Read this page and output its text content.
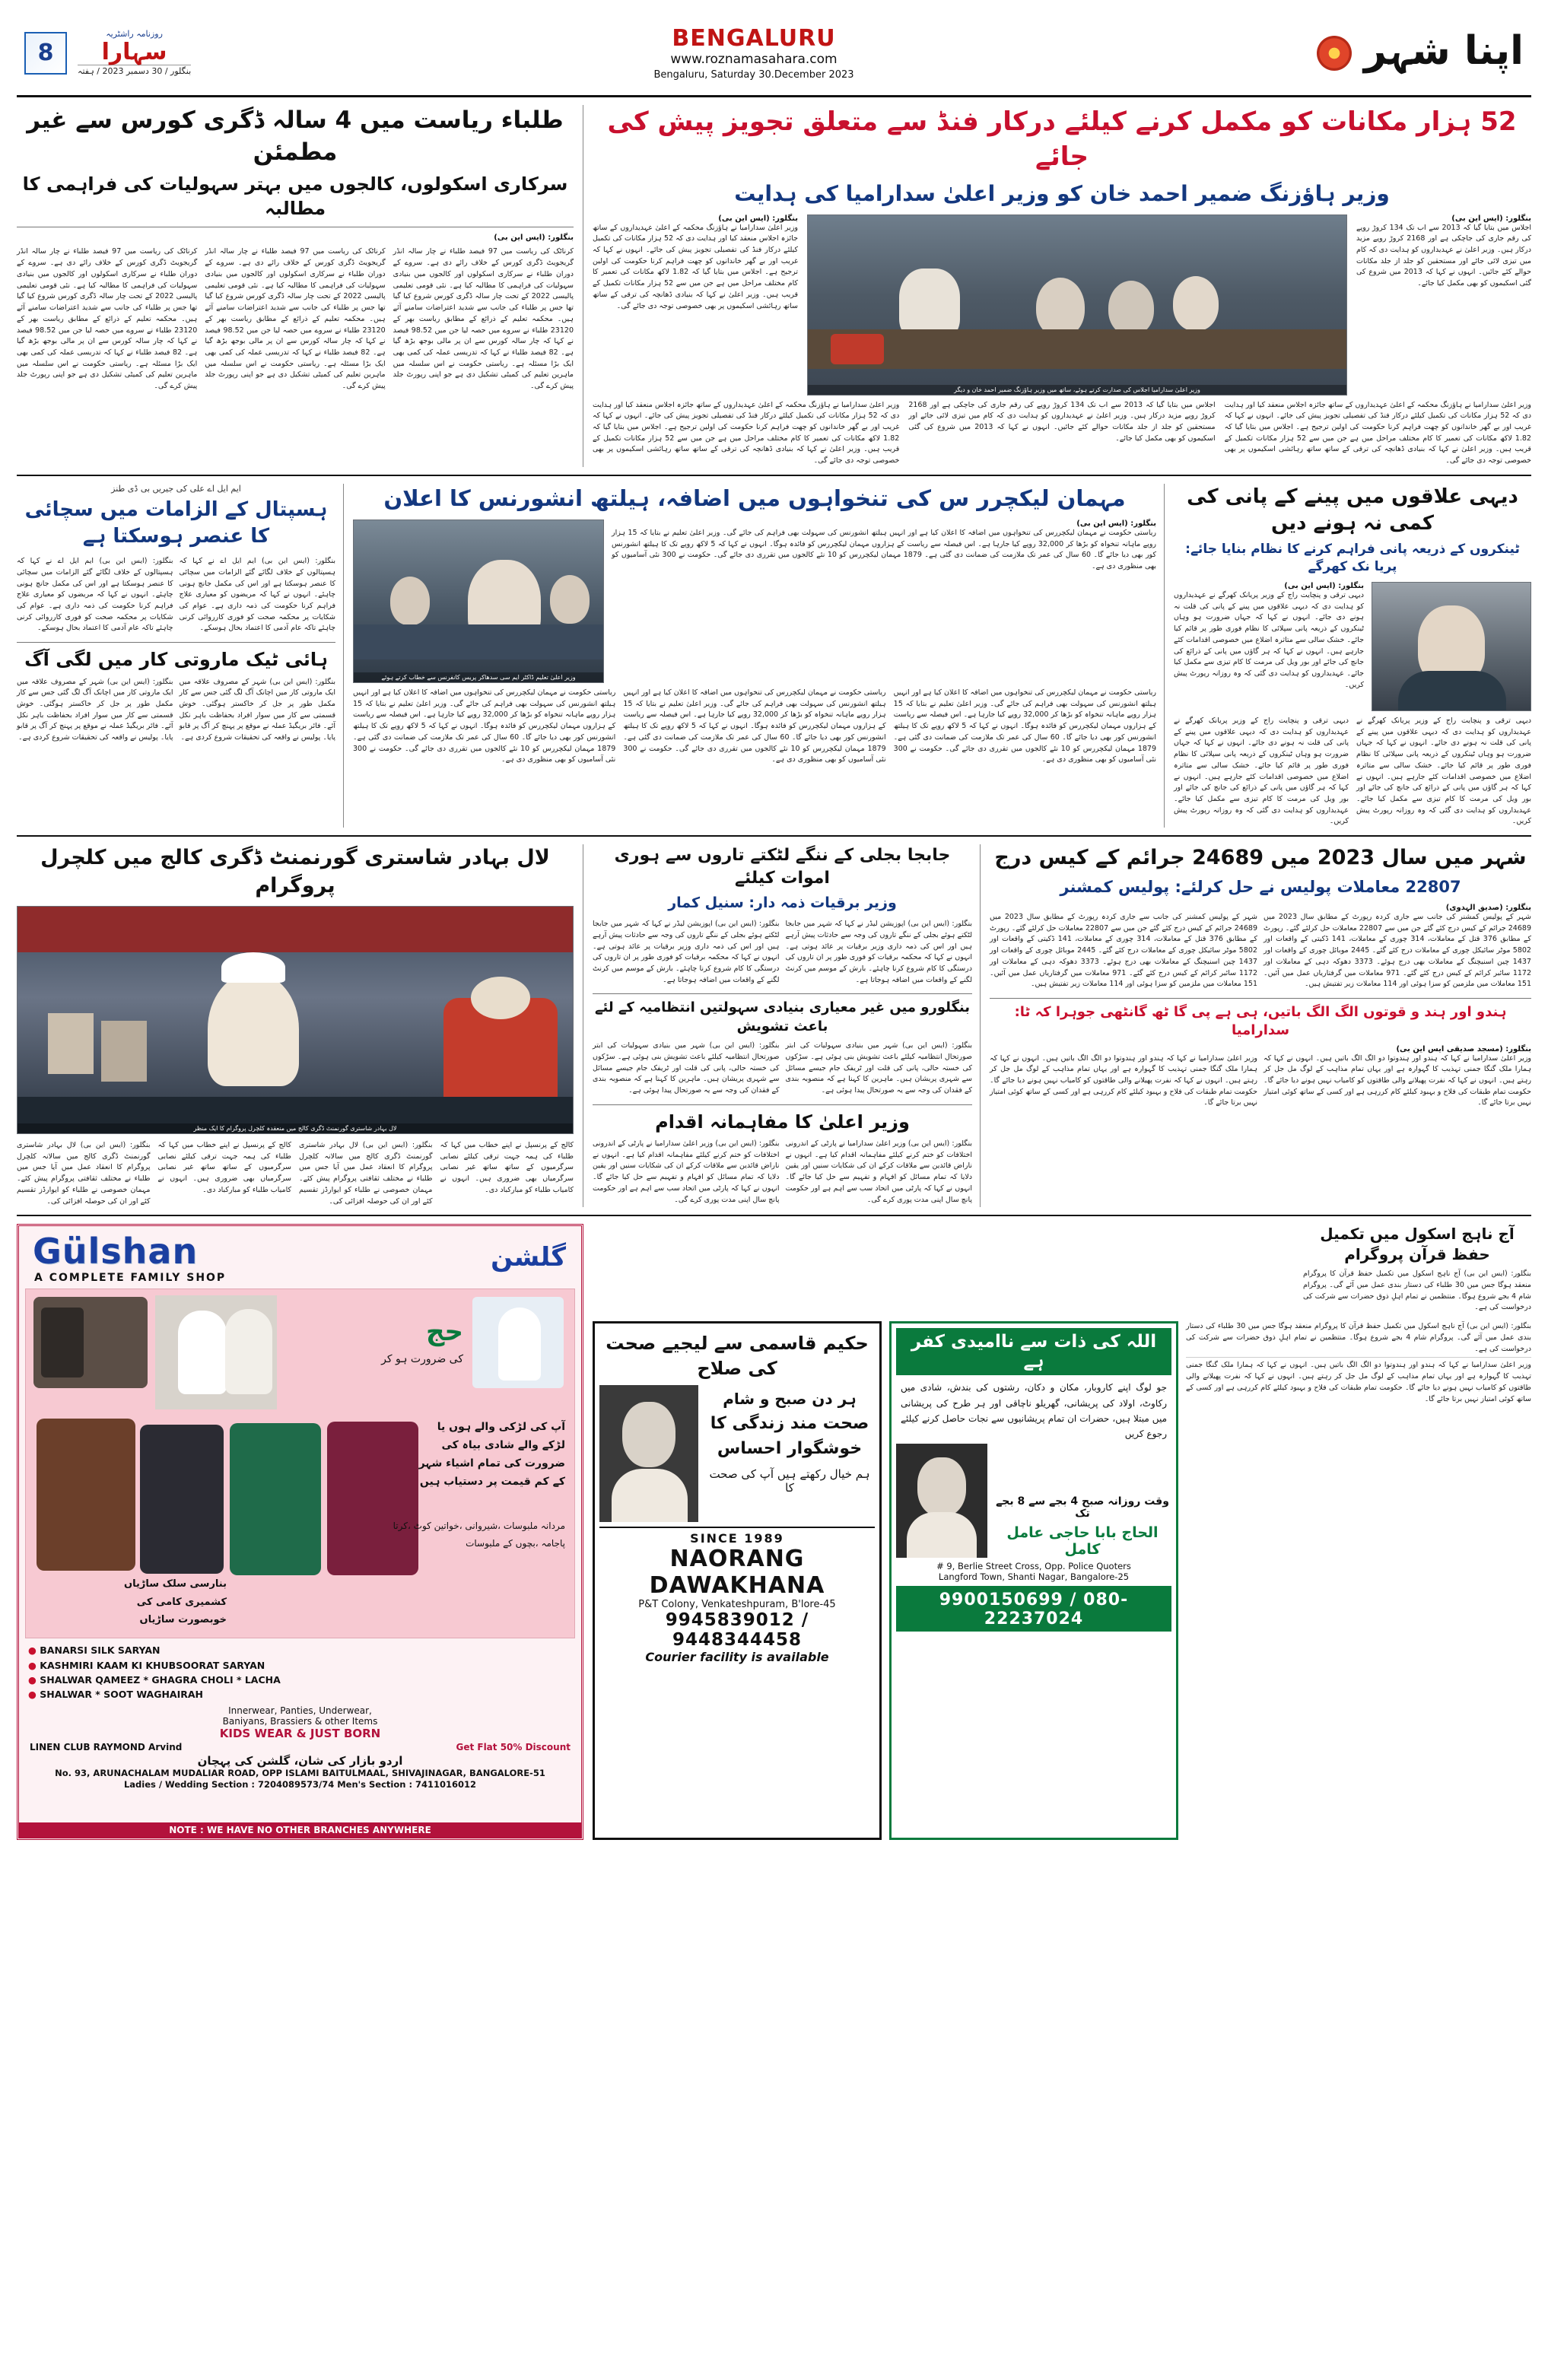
8
روزنامہ راشٹریہ
سہارا
بنگلور / 30 دسمبر 2023 / ہفتہ
BENGALURU
www.roznamasahara.com
Bengaluru, Saturday 30.December 2023
اپنا شہر
طلباء ریاست میں 4 سالہ ڈگری کورس سے غیر مطمئن
سرکاری اسکولوں، کالجوں میں بہتر سہولیات کی فراہمی کا مطالبہ
بنگلور: (ایس این بی)
کرناٹک کی ریاست میں 97 فیصد طلباء نے چار سالہ انڈر گریجویٹ ڈگری کورس کے خلاف رائے دی ہے۔ سروے کے دوران طلباء نے سرکاری اسکولوں اور کالجوں میں بنیادی سہولیات کی فراہمی کا مطالبہ کیا ہے۔ نئی قومی تعلیمی پالیسی 2022 کے تحت چار سالہ ڈگری کورس شروع کیا گیا تھا جس پر طلباء کی جانب سے شدید اعتراضات سامنے آئے ہیں۔ محکمہ تعلیم کے ذرائع کے مطابق ریاست بھر کے 23120 طلباء نے سروے میں حصہ لیا جن میں 98.52 فیصد نے کہا کہ چار سالہ کورس سے ان پر مالی بوجھ بڑھ گیا ہے۔ 82 فیصد طلباء نے کہا کہ تدریسی عملہ کی کمی بھی ایک بڑا مسئلہ ہے۔ ریاستی حکومت نے اس سلسلہ میں ماہرین تعلیم کی کمیٹی تشکیل دی ہے جو اپنی رپورٹ جلد پیش کرے گی۔
کرناٹک کی ریاست میں 97 فیصد طلباء نے چار سالہ انڈر گریجویٹ ڈگری کورس کے خلاف رائے دی ہے۔ سروے کے دوران طلباء نے سرکاری اسکولوں اور کالجوں میں بنیادی سہولیات کی فراہمی کا مطالبہ کیا ہے۔ نئی قومی تعلیمی پالیسی 2022 کے تحت چار سالہ ڈگری کورس شروع کیا گیا تھا جس پر طلباء کی جانب سے شدید اعتراضات سامنے آئے ہیں۔ محکمہ تعلیم کے ذرائع کے مطابق ریاست بھر کے 23120 طلباء نے سروے میں حصہ لیا جن میں 98.52 فیصد نے کہا کہ چار سالہ کورس سے ان پر مالی بوجھ بڑھ گیا ہے۔ 82 فیصد طلباء نے کہا کہ تدریسی عملہ کی کمی بھی ایک بڑا مسئلہ ہے۔ ریاستی حکومت نے اس سلسلہ میں ماہرین تعلیم کی کمیٹی تشکیل دی ہے جو اپنی رپورٹ جلد پیش کرے گی۔
کرناٹک کی ریاست میں 97 فیصد طلباء نے چار سالہ انڈر گریجویٹ ڈگری کورس کے خلاف رائے دی ہے۔ سروے کے دوران طلباء نے سرکاری اسکولوں اور کالجوں میں بنیادی سہولیات کی فراہمی کا مطالبہ کیا ہے۔ نئی قومی تعلیمی پالیسی 2022 کے تحت چار سالہ ڈگری کورس شروع کیا گیا تھا جس پر طلباء کی جانب سے شدید اعتراضات سامنے آئے ہیں۔ محکمہ تعلیم کے ذرائع کے مطابق ریاست بھر کے 23120 طلباء نے سروے میں حصہ لیا جن میں 98.52 فیصد نے کہا کہ چار سالہ کورس سے ان پر مالی بوجھ بڑھ گیا ہے۔ 82 فیصد طلباء نے کہا کہ تدریسی عملہ کی کمی بھی ایک بڑا مسئلہ ہے۔ ریاستی حکومت نے اس سلسلہ میں ماہرین تعلیم کی کمیٹی تشکیل دی ہے جو اپنی رپورٹ جلد پیش کرے گی۔
52 ہزار مکانات کو مکمل کرنے کیلئے درکار فنڈ سے متعلق تجویز پیش کی جائے
وزیر ہاؤزنگ ضمیر احمد خان کو وزیر اعلیٰ سدارامیا کی ہدایت
بنگلور: (ایس این بی)
وزیر اعلیٰ سدارامیا نے ہاؤزنگ محکمہ کے اعلیٰ عہدیداروں کے ساتھ جائزہ اجلاس منعقد کیا اور ہدایت دی کہ 52 ہزار مکانات کی تکمیل کیلئے درکار فنڈ کی تفصیلی تجویز پیش کی جائے۔ انہوں نے کہا کہ غریب اور بے گھر خاندانوں کو چھت فراہم کرنا حکومت کی اولین ترجیح ہے۔ اجلاس میں بتایا گیا کہ 1.82 لاکھ مکانات کی تعمیر کا کام مختلف مراحل میں ہے جن میں سے 52 ہزار مکانات تکمیل کے قریب ہیں۔ وزیر اعلیٰ نے کہا کہ بنیادی ڈھانچہ کی ترقی کے ساتھ ساتھ رہائشی اسکیموں پر بھی خصوصی توجہ دی جائے گی۔
وزیر اعلیٰ سدارامیا اجلاس کی صدارت کرتے ہوئے، ساتھ میں وزیر ہاؤزنگ ضمیر احمد خان و دیگر
بنگلور: (ایس این بی)
اجلاس میں بتایا گیا کہ 2013 سے اب تک 134 کروڑ روپے کی رقم جاری کی جاچکی ہے اور 2168 کروڑ روپے مزید درکار ہیں۔ وزیر اعلیٰ نے عہدیداروں کو ہدایت دی کہ کام میں تیزی لائی جائے اور مستحقین کو جلد از جلد مکانات حوالے کئے جائیں۔ انہوں نے کہا کہ 2013 میں شروع کی گئی اسکیموں کو بھی مکمل کیا جائے۔
وزیر اعلیٰ سدارامیا نے ہاؤزنگ محکمہ کے اعلیٰ عہدیداروں کے ساتھ جائزہ اجلاس منعقد کیا اور ہدایت دی کہ 52 ہزار مکانات کی تکمیل کیلئے درکار فنڈ کی تفصیلی تجویز پیش کی جائے۔ انہوں نے کہا کہ غریب اور بے گھر خاندانوں کو چھت فراہم کرنا حکومت کی اولین ترجیح ہے۔ اجلاس میں بتایا گیا کہ 1.82 لاکھ مکانات کی تعمیر کا کام مختلف مراحل میں ہے جن میں سے 52 ہزار مکانات تکمیل کے قریب ہیں۔ وزیر اعلیٰ نے کہا کہ بنیادی ڈھانچہ کی ترقی کے ساتھ ساتھ رہائشی اسکیموں پر بھی خصوصی توجہ دی جائے گی۔
اجلاس میں بتایا گیا کہ 2013 سے اب تک 134 کروڑ روپے کی رقم جاری کی جاچکی ہے اور 2168 کروڑ روپے مزید درکار ہیں۔ وزیر اعلیٰ نے عہدیداروں کو ہدایت دی کہ کام میں تیزی لائی جائے اور مستحقین کو جلد از جلد مکانات حوالے کئے جائیں۔ انہوں نے کہا کہ 2013 میں شروع کی گئی اسکیموں کو بھی مکمل کیا جائے۔
وزیر اعلیٰ سدارامیا نے ہاؤزنگ محکمہ کے اعلیٰ عہدیداروں کے ساتھ جائزہ اجلاس منعقد کیا اور ہدایت دی کہ 52 ہزار مکانات کی تکمیل کیلئے درکار فنڈ کی تفصیلی تجویز پیش کی جائے۔ انہوں نے کہا کہ غریب اور بے گھر خاندانوں کو چھت فراہم کرنا حکومت کی اولین ترجیح ہے۔ اجلاس میں بتایا گیا کہ 1.82 لاکھ مکانات کی تعمیر کا کام مختلف مراحل میں ہے جن میں سے 52 ہزار مکانات تکمیل کے قریب ہیں۔ وزیر اعلیٰ نے کہا کہ بنیادی ڈھانچہ کی ترقی کے ساتھ ساتھ رہائشی اسکیموں پر بھی خصوصی توجہ دی جائے گی۔
ایم ایل اے علی کی جیریں بی ڈی طنز
ہسپتال کے الزامات میں سچائی کا عنصر ہوسکتا ہے
بنگلور: (ایس این بی) ایم ایل اے نے کہا کہ ہسپتالوں کے خلاف لگائے گئے الزامات میں سچائی کا عنصر ہوسکتا ہے اور اس کی مکمل جانچ ہونی چاہئے۔ انہوں نے کہا کہ مریضوں کو معیاری علاج فراہم کرنا حکومت کی ذمہ داری ہے۔ عوام کی شکایات پر محکمہ صحت کو فوری کارروائی کرنی چاہئے تاکہ عام آدمی کا اعتماد بحال ہوسکے۔
بنگلور: (ایس این بی) ایم ایل اے نے کہا کہ ہسپتالوں کے خلاف لگائے گئے الزامات میں سچائی کا عنصر ہوسکتا ہے اور اس کی مکمل جانچ ہونی چاہئے۔ انہوں نے کہا کہ مریضوں کو معیاری علاج فراہم کرنا حکومت کی ذمہ داری ہے۔ عوام کی شکایات پر محکمہ صحت کو فوری کارروائی کرنی چاہئے تاکہ عام آدمی کا اعتماد بحال ہوسکے۔
ہائی ٹیک ماروتی کار میں لگی آگ
بنگلور: (ایس این بی) شہر کے مصروف علاقہ میں ایک ماروتی کار میں اچانک آگ لگ گئی جس سے کار مکمل طور پر جل کر خاکستر ہوگئی۔ خوش قسمتی سے کار میں سوار افراد بحفاظت باہر نکل آئے۔ فائر بریگیڈ عملہ نے موقع پر پہنچ کر آگ پر قابو پایا۔ پولیس نے واقعہ کی تحقیقات شروع کردی ہے۔
بنگلور: (ایس این بی) شہر کے مصروف علاقہ میں ایک ماروتی کار میں اچانک آگ لگ گئی جس سے کار مکمل طور پر جل کر خاکستر ہوگئی۔ خوش قسمتی سے کار میں سوار افراد بحفاظت باہر نکل آئے۔ فائر بریگیڈ عملہ نے موقع پر پہنچ کر آگ پر قابو پایا۔ پولیس نے واقعہ کی تحقیقات شروع کردی ہے۔
مہمان لیکچرر س کی تنخواہوں میں اضافہ، ہیلتھ انشورنس کا اعلان
وزیر اعلیٰ تعلیم ڈاکٹر ایم سی سدھاکر پریس کانفرنس سے خطاب کرتے ہوئے
بنگلور: (ایس این بی)
ریاستی حکومت نے مہمان لیکچررس کی تنخواہوں میں اضافہ کا اعلان کیا ہے اور انہیں ہیلتھ انشورنس کی سہولت بھی فراہم کی جائے گی۔ وزیر اعلیٰ تعلیم نے بتایا کہ 15 ہزار روپے ماہانہ تنخواہ کو بڑھا کر 32,000 روپے کیا جارہا ہے۔ اس فیصلہ سے ریاست کے ہزاروں مہمان لیکچررس کو فائدہ ہوگا۔ انہوں نے کہا کہ 5 لاکھ روپے تک کا ہیلتھ انشورنس کور بھی دیا جائے گا۔ 60 سال کی عمر تک ملازمت کی ضمانت دی گئی ہے۔ 1879 مہمان لیکچررس کو 10 نئے کالجوں میں تقرری دی جائے گی۔ حکومت نے 300 نئی آسامیوں کو بھی منظوری دی ہے۔
ریاستی حکومت نے مہمان لیکچررس کی تنخواہوں میں اضافہ کا اعلان کیا ہے اور انہیں ہیلتھ انشورنس کی سہولت بھی فراہم کی جائے گی۔ وزیر اعلیٰ تعلیم نے بتایا کہ 15 ہزار روپے ماہانہ تنخواہ کو بڑھا کر 32,000 روپے کیا جارہا ہے۔ اس فیصلہ سے ریاست کے ہزاروں مہمان لیکچررس کو فائدہ ہوگا۔ انہوں نے کہا کہ 5 لاکھ روپے تک کا ہیلتھ انشورنس کور بھی دیا جائے گا۔ 60 سال کی عمر تک ملازمت کی ضمانت دی گئی ہے۔ 1879 مہمان لیکچررس کو 10 نئے کالجوں میں تقرری دی جائے گی۔ حکومت نے 300 نئی آسامیوں کو بھی منظوری دی ہے۔
ریاستی حکومت نے مہمان لیکچررس کی تنخواہوں میں اضافہ کا اعلان کیا ہے اور انہیں ہیلتھ انشورنس کی سہولت بھی فراہم کی جائے گی۔ وزیر اعلیٰ تعلیم نے بتایا کہ 15 ہزار روپے ماہانہ تنخواہ کو بڑھا کر 32,000 روپے کیا جارہا ہے۔ اس فیصلہ سے ریاست کے ہزاروں مہمان لیکچررس کو فائدہ ہوگا۔ انہوں نے کہا کہ 5 لاکھ روپے تک کا ہیلتھ انشورنس کور بھی دیا جائے گا۔ 60 سال کی عمر تک ملازمت کی ضمانت دی گئی ہے۔ 1879 مہمان لیکچررس کو 10 نئے کالجوں میں تقرری دی جائے گی۔ حکومت نے 300 نئی آسامیوں کو بھی منظوری دی ہے۔
ریاستی حکومت نے مہمان لیکچررس کی تنخواہوں میں اضافہ کا اعلان کیا ہے اور انہیں ہیلتھ انشورنس کی سہولت بھی فراہم کی جائے گی۔ وزیر اعلیٰ تعلیم نے بتایا کہ 15 ہزار روپے ماہانہ تنخواہ کو بڑھا کر 32,000 روپے کیا جارہا ہے۔ اس فیصلہ سے ریاست کے ہزاروں مہمان لیکچررس کو فائدہ ہوگا۔ انہوں نے کہا کہ 5 لاکھ روپے تک کا ہیلتھ انشورنس کور بھی دیا جائے گا۔ 60 سال کی عمر تک ملازمت کی ضمانت دی گئی ہے۔ 1879 مہمان لیکچررس کو 10 نئے کالجوں میں تقرری دی جائے گی۔ حکومت نے 300 نئی آسامیوں کو بھی منظوری دی ہے۔
دیہی علاقوں میں پینے کے پانی کی کمی نہ ہونے دیں
ٹینکروں کے ذریعہ پانی فراہم کرنے کا نظام بنایا جائے: پریا نک کھرگے
بنگلور: (ایس این بی)
دیہی ترقی و پنچایت راج کے وزیر پریانک کھرگے نے عہدیداروں کو ہدایت دی کہ دیہی علاقوں میں پینے کے پانی کی قلت نہ ہونے دی جائے۔ انہوں نے کہا کہ جہاں ضرورت ہو وہاں ٹینکروں کے ذریعہ پانی سپلائی کا نظام فوری طور پر قائم کیا جائے۔ خشک سالی سے متاثرہ اضلاع میں خصوصی اقدامات کئے جارہے ہیں۔ انہوں نے کہا کہ ہر گاؤں میں پانی کے ذرائع کی جانچ کی جائے اور بور ویل کی مرمت کا کام تیزی سے مکمل کیا جائے۔ عہدیداروں کو ہدایت دی گئی کہ وہ روزانہ رپورٹ پیش کریں۔
دیہی ترقی و پنچایت راج کے وزیر پریانک کھرگے نے عہدیداروں کو ہدایت دی کہ دیہی علاقوں میں پینے کے پانی کی قلت نہ ہونے دی جائے۔ انہوں نے کہا کہ جہاں ضرورت ہو وہاں ٹینکروں کے ذریعہ پانی سپلائی کا نظام فوری طور پر قائم کیا جائے۔ خشک سالی سے متاثرہ اضلاع میں خصوصی اقدامات کئے جارہے ہیں۔ انہوں نے کہا کہ ہر گاؤں میں پانی کے ذرائع کی جانچ کی جائے اور بور ویل کی مرمت کا کام تیزی سے مکمل کیا جائے۔ عہدیداروں کو ہدایت دی گئی کہ وہ روزانہ رپورٹ پیش کریں۔
دیہی ترقی و پنچایت راج کے وزیر پریانک کھرگے نے عہدیداروں کو ہدایت دی کہ دیہی علاقوں میں پینے کے پانی کی قلت نہ ہونے دی جائے۔ انہوں نے کہا کہ جہاں ضرورت ہو وہاں ٹینکروں کے ذریعہ پانی سپلائی کا نظام فوری طور پر قائم کیا جائے۔ خشک سالی سے متاثرہ اضلاع میں خصوصی اقدامات کئے جارہے ہیں۔ انہوں نے کہا کہ ہر گاؤں میں پانی کے ذرائع کی جانچ کی جائے اور بور ویل کی مرمت کا کام تیزی سے مکمل کیا جائے۔ عہدیداروں کو ہدایت دی گئی کہ وہ روزانہ رپورٹ پیش کریں۔
لال بہادر شاستری گورنمنٹ ڈگری کالج میں کلچرل پروگرام
لال بہادر شاستری گورنمنٹ ڈگری کالج میں منعقدہ کلچرل پروگرام کا ایک منظر
بنگلور: (ایس این بی) لال بہادر شاستری گورنمنٹ ڈگری کالج میں سالانہ کلچرل پروگرام کا انعقاد عمل میں آیا جس میں طلباء نے مختلف ثقافتی پروگرام پیش کئے۔ مہمان خصوصی نے طلباء کو ایوارڈز تقسیم کئے اور ان کی حوصلہ افزائی کی۔
کالج کے پرنسپل نے اپنے خطاب میں کہا کہ طلباء کی ہمہ جہت ترقی کیلئے نصابی سرگرمیوں کے ساتھ ساتھ غیر نصابی سرگرمیاں بھی ضروری ہیں۔ انہوں نے کامیاب طلباء کو مبارکباد دی۔
بنگلور: (ایس این بی) لال بہادر شاستری گورنمنٹ ڈگری کالج میں سالانہ کلچرل پروگرام کا انعقاد عمل میں آیا جس میں طلباء نے مختلف ثقافتی پروگرام پیش کئے۔ مہمان خصوصی نے طلباء کو ایوارڈز تقسیم کئے اور ان کی حوصلہ افزائی کی۔
کالج کے پرنسپل نے اپنے خطاب میں کہا کہ طلباء کی ہمہ جہت ترقی کیلئے نصابی سرگرمیوں کے ساتھ ساتھ غیر نصابی سرگرمیاں بھی ضروری ہیں۔ انہوں نے کامیاب طلباء کو مبارکباد دی۔
جابجا بجلی کے ننگے لٹکتے تاروں سے ہوری اموات کیلئے
وزیر برقیات ذمہ دار: سنیل کمار
بنگلور: (ایس این بی) اپوزیشن لیڈر نے کہا کہ شہر میں جابجا لٹکتے ہوئے بجلی کے ننگے تاروں کی وجہ سے حادثات پیش آرہے ہیں اور اس کی ذمہ داری وزیر برقیات پر عائد ہوتی ہے۔ انہوں نے کہا کہ محکمہ برقیات کو فوری طور پر ان تاروں کی درستگی کا کام شروع کرنا چاہئے۔ بارش کے موسم میں کرنٹ لگنے کے واقعات میں اضافہ ہوجاتا ہے۔
بنگلور: (ایس این بی) اپوزیشن لیڈر نے کہا کہ شہر میں جابجا لٹکتے ہوئے بجلی کے ننگے تاروں کی وجہ سے حادثات پیش آرہے ہیں اور اس کی ذمہ داری وزیر برقیات پر عائد ہوتی ہے۔ انہوں نے کہا کہ محکمہ برقیات کو فوری طور پر ان تاروں کی درستگی کا کام شروع کرنا چاہئے۔ بارش کے موسم میں کرنٹ لگنے کے واقعات میں اضافہ ہوجاتا ہے۔
بنگلورو میں غیر معیاری بنیادی سہولتیں انتظامیہ کے لئے باعث تشویش
بنگلور: (ایس این بی) شہر میں بنیادی سہولیات کی ابتر صورتحال انتظامیہ کیلئے باعث تشویش بنی ہوئی ہے۔ سڑکوں کی خستہ حالی، پانی کی قلت اور ٹریفک جام جیسے مسائل سے شہری پریشان ہیں۔ ماہرین کا کہنا ہے کہ منصوبہ بندی کے فقدان کی وجہ سے یہ صورتحال پیدا ہوئی ہے۔
بنگلور: (ایس این بی) شہر میں بنیادی سہولیات کی ابتر صورتحال انتظامیہ کیلئے باعث تشویش بنی ہوئی ہے۔ سڑکوں کی خستہ حالی، پانی کی قلت اور ٹریفک جام جیسے مسائل سے شہری پریشان ہیں۔ ماہرین کا کہنا ہے کہ منصوبہ بندی کے فقدان کی وجہ سے یہ صورتحال پیدا ہوئی ہے۔
وزیر اعلیٰ کا مفاہمانہ اقدام
بنگلور: (ایس این بی) وزیر اعلیٰ سدارامیا نے پارٹی کے اندرونی اختلافات کو ختم کرنے کیلئے مفاہمانہ اقدام کیا ہے۔ انہوں نے ناراض قائدین سے ملاقات کرکے ان کی شکایات سنیں اور یقین دلایا کہ تمام مسائل کو افہام و تفہیم سے حل کیا جائے گا۔ انہوں نے کہا کہ پارٹی میں اتحاد سب سے اہم ہے اور حکومت پانچ سال اپنی مدت پوری کرے گی۔
بنگلور: (ایس این بی) وزیر اعلیٰ سدارامیا نے پارٹی کے اندرونی اختلافات کو ختم کرنے کیلئے مفاہمانہ اقدام کیا ہے۔ انہوں نے ناراض قائدین سے ملاقات کرکے ان کی شکایات سنیں اور یقین دلایا کہ تمام مسائل کو افہام و تفہیم سے حل کیا جائے گا۔ انہوں نے کہا کہ پارٹی میں اتحاد سب سے اہم ہے اور حکومت پانچ سال اپنی مدت پوری کرے گی۔
شہر میں سال 2023 میں 24689 جرائم کے کیس درج
22807 معاملات پولیس نے حل کرلئے: پولیس کمشنر
بنگلور: (صدیق الہدوی)
شہر کے پولیس کمشنر کی جانب سے جاری کردہ رپورٹ کے مطابق سال 2023 میں 24689 جرائم کے کیس درج کئے گئے جن میں سے 22807 معاملات حل کرلئے گئے۔ رپورٹ کے مطابق 376 قتل کے معاملات، 314 چوری کے معاملات، 141 ڈکیتی کے واقعات اور 5802 موٹر سائیکل چوری کے معاملات درج کئے گئے۔ 2445 موبائل چوری کے واقعات اور 1437 چین اسنیچنگ کے معاملات بھی درج ہوئے۔ 3373 دھوکہ دہی کے معاملات اور 1172 سائبر کرائم کے کیس درج کئے گئے۔ 971 معاملات میں گرفتاریاں عمل میں آئیں۔ 151 معاملات میں ملزمین کو سزا ہوئی اور 114 معاملات زیر تفتیش ہیں۔
شہر کے پولیس کمشنر کی جانب سے جاری کردہ رپورٹ کے مطابق سال 2023 میں 24689 جرائم کے کیس درج کئے گئے جن میں سے 22807 معاملات حل کرلئے گئے۔ رپورٹ کے مطابق 376 قتل کے معاملات، 314 چوری کے معاملات، 141 ڈکیتی کے واقعات اور 5802 موٹر سائیکل چوری کے معاملات درج کئے گئے۔ 2445 موبائل چوری کے واقعات اور 1437 چین اسنیچنگ کے معاملات بھی درج ہوئے۔ 3373 دھوکہ دہی کے معاملات اور 1172 سائبر کرائم کے کیس درج کئے گئے۔ 971 معاملات میں گرفتاریاں عمل میں آئیں۔ 151 معاملات میں ملزمین کو سزا ہوئی اور 114 معاملات زیر تفتیش ہیں۔
ہندو اور ہند و قوتوں الگ الگ باتیں، ہی ہے پی گا ٹھ گانٹھی جوہرا کہ ٹا: سدارامیا
بنگلور: (مسجد صدیقی ایس این بی)
وزیر اعلیٰ سدارامیا نے کہا کہ ہندو اور ہندوتوا دو الگ الگ باتیں ہیں۔ انہوں نے کہا کہ ہمارا ملک گنگا جمنی تہذیب کا گہوارہ ہے اور یہاں تمام مذاہب کے لوگ مل جل کر رہتے ہیں۔ انہوں نے کہا کہ نفرت پھیلانے والی طاقتوں کو کامیاب نہیں ہونے دیا جائے گا۔ حکومت تمام طبقات کی فلاح و بہبود کیلئے کام کررہی ہے اور کسی کے ساتھ کوئی امتیاز نہیں برتا جائے گا۔
وزیر اعلیٰ سدارامیا نے کہا کہ ہندو اور ہندوتوا دو الگ الگ باتیں ہیں۔ انہوں نے کہا کہ ہمارا ملک گنگا جمنی تہذیب کا گہوارہ ہے اور یہاں تمام مذاہب کے لوگ مل جل کر رہتے ہیں۔ انہوں نے کہا کہ نفرت پھیلانے والی طاقتوں کو کامیاب نہیں ہونے دیا جائے گا۔ حکومت تمام طبقات کی فلاح و بہبود کیلئے کام کررہی ہے اور کسی کے ساتھ کوئی امتیاز نہیں برتا جائے گا۔
Gülshan
A COMPLETE FAMILY SHOP
گلشن
حج
کی ضرورت ہو کر
آپ کی لڑکی والے ہوں یا لڑکے والے شادی بیاہ کی ضرورت کی تمام اشیاء شہر کے کم قیمت پر دستیاب ہیں
مردانہ ملبوسات ،شیروانی ،خواتین کوٹ ،کرتا پاجامہ ،بچوں کے ملبوسات
بنارسی سلک ساڑیاں
کشمیری کامی کی
خوبصورت ساڑیاں
● BANARSI SILK SARYAN
● KASHMIRI KAAM KI KHUBSOORAT SARYAN
● SHALWAR QAMEEZ * GHAGRA CHOLI * LACHA
● SHALWAR * SOOT WAGHAIRAH
Innerwear, Panties, Underwear,
Baniyans, Brassiers & other Items
KIDS WEAR & JUST BORN
LINEN CLUB RAYMOND Arvind	Get Flat 50% Discount
اردو بازار کی شان، گلشن کی پہچان
No. 93, ARUNACHALAM MUDALIAR ROAD, OPP ISLAMI BAITULMAAL, SHIVAJINAGAR, BANGALORE-51
Ladies / Wedding Section : 7204089573/74 Men's Section : 7411016012
NOTE : WE HAVE NO OTHER BRANCHES ANYWHERE
آج ناہج اسکول میں تکمیل حفظ قرآن پروگرام
بنگلور: (ایس این بی) آج ناہج اسکول میں تکمیل حفظ قرآن کا پروگرام منعقد ہوگا جس میں 30 طلباء کی دستار بندی عمل میں آئے گی۔ پروگرام شام 4 بجے شروع ہوگا۔ منتظمین نے تمام اہلِ ذوق حضرات سے شرکت کی درخواست کی ہے۔
حکیم قاسمی سے لیجیے صحت کی صلاح
ہر دن صبح و شام
صحت مند زندگی کا
خوشگوار احساس
ہم خیال رکھتے ہیں آپ کی صحت کا
SINCE 1989
NAORANG DAWAKHANA
P&T Colony, Venkateshpuram, B'lore-45
9945839012 / 9448344458
Courier facility is available
اللہ کی ذات سے ناامیدی کفر ہے
جو لوگ اپنے کاروبار، مکان و دکان، رشتوں کی بندش، شادی میں رکاوٹ، اولاد کی پریشانی، گھریلو ناچاقی اور ہر طرح کی پریشانی میں مبتلا ہیں، حضرات ان تمام پریشانیوں سے نجات حاصل کرنے کیلئے رجوع کریں
وقت روزانہ صبح 4 بجے سے 8 بجے تک
الحاج بابا حاجی عامل کامل
# 9, Berlie Street Cross, Opp. Police Quoters
Langford Town, Shanti Nagar, Bangalore-25
9900150699 / 080-22237024
بنگلور: (ایس این بی) آج ناہج اسکول میں تکمیل حفظ قرآن کا پروگرام منعقد ہوگا جس میں 30 طلباء کی دستار بندی عمل میں آئے گی۔ پروگرام شام 4 بجے شروع ہوگا۔ منتظمین نے تمام اہلِ ذوق حضرات سے شرکت کی درخواست کی ہے۔
وزیر اعلیٰ سدارامیا نے کہا کہ ہندو اور ہندوتوا دو الگ الگ باتیں ہیں۔ انہوں نے کہا کہ ہمارا ملک گنگا جمنی تہذیب کا گہوارہ ہے اور یہاں تمام مذاہب کے لوگ مل جل کر رہتے ہیں۔ انہوں نے کہا کہ نفرت پھیلانے والی طاقتوں کو کامیاب نہیں ہونے دیا جائے گا۔ حکومت تمام طبقات کی فلاح و بہبود کیلئے کام کررہی ہے اور کسی کے ساتھ کوئی امتیاز نہیں برتا جائے گا۔
